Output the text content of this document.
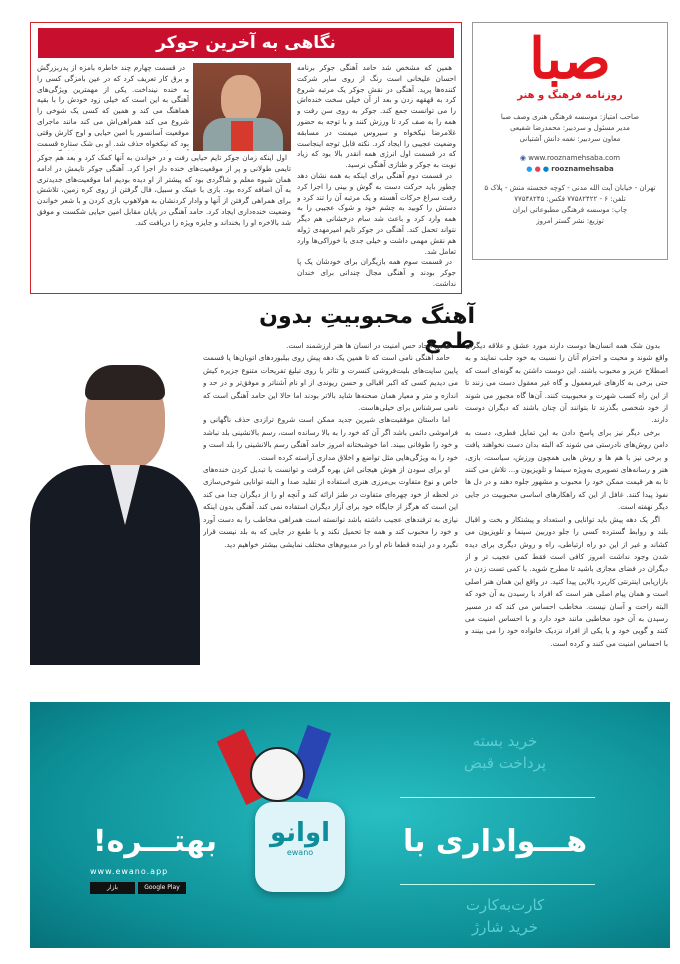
صبا
روزنامه فرهنگ و هنر
صاحب امتیاز: موسسه فرهنگی هنری وصف صبا
مدیر مسئول و سردبیر: محمدرضا شفیعی
معاون سردبیر: نغمه دانش آشتیانی
◉ www.rooznamehsaba.com
● ● ● rooznamehsaba
تهران - خیابان آیت الله مدنی - کوچه خجسته منش - پلاک ۵
تلفن: ۶ - ۷۷۵۸۲۴۲۲ فکس: ۷۷۵۴۸۲۴۵
چاپ: موسسه فرهنگی مطبوعاتی ایران
توزیع: نشر گستر امروز
نگاهی به آخرین جوکر

همین که مشخص شد حامد آهنگی جوکر برنامه احسان علیخانی است رنگ از روی سایر شرکت کننده‌ها پرید. آهنگی در نقش جوکر یک مرتبه شروع کرد به قهقهه زدن و بعد از آن خیلی سخت خنده‌اش را می توانست جمع کند. جوکر به روی سن رفت و همه را به صف کرد تا ورزش کنند و با توجه به حضور غلامرضا نیکخواه و سیروس میمنت در مسابقه وضعیت عجیبی را ایجاد کرد. نکته قابل توجه اینجاست که در قسمت اول انرژی همه انقدر بالا بود که زیاد نوبت به جوکر و طنازی آهنگی نرسید.

در قسمت دوم آهنگی برای اینکه به همه نشان دهد چطور باید حرکت دست به گوش و بینی را اجرا کرد رفت سراغ حرکات آهسته و یک مرتبه آن را تند کرد و دستش را کوبید به چشم خود و شوک عجیبی را به همه وارد کرد و باعث شد سام درخشانی هم دیگر نتواند تحمل کند. آهنگی در جوکر تایم امیرمهدی ژوله هم نقش مهمی داشت و خیلی جدی با خوراکی‌ها وارد تعامل شد.

در قسمت سوم همه بازیگران برای خودشان یک پا جوکر بودند و آهنگی مجال چندانی برای خندان نداشت.

در قسمت چهارم چند خاطره بامزه از پدربزرگش و برق کار تعریف کرد که در عین بامزگی کسی را به خنده نینداخت. یکی از مهمترین ویژگی‌های آهنگی به این است که خیلی زود خودش را با بقیه هماهنگ می کند و همین که کسی یک شوخی را شروع می کند همراهی‌اش می کند مانند ماجرای موقعیت آسانسور با امین حیایی و اوج کارش وقتی بود که نیکخواه حذف شد. او بی شک ستاره قسمت

اول اینکه زمان جوکر تایم حیایی رفت و در خواندن به آنها کمک کرد و بعد هم جوکر تایمی طولانی و پر از موقعیت‌های خنده دار اجرا کرد. آهنگی جوکر تایمش در ادامه همان شیوه معلم و شاگردی بود که پیشتر از او دیده بودیم اما موقعیت‌های جدیدتری به آن اضافه کرده بود. بازی با عینک و سبیل، فال گرفتن از روی کره زمین، تلاشش برای همراهی گرفتن از آنها و وادار کردنشان به هولاهوپ بازی کردن و با شعر خواندن وضعیت خنده‌داری ایجاد کرد. حامد آهنگی در پایان مقابل امین حیایی شکست و موفق شد بالاخره او را بخنداند و جایزه ویژه را دریافت کند.

آهنگ محبوبیتِ بدون طمع

بدون شک همه انسان‌ها دوست دارند مورد عشق و علاقه دیگران واقع شوند و محبت و احترام آنان را نسبت به خود جلب نمایند و به اصطلاح عزیز و محبوب باشند. این دوست داشتن به گونه‌ای است که حتی برخی به کارهای غیرمعمول و گاه غیر معقول دست می زنند تا از این راه کسب شهرت و محبوبیت کنند. آن‌ها گاه مجبور می شوند از خود شخصی بگذرند تا بتوانند آن چنان باشند که دیگران دوست دارند.

برخی دیگر نیز برای پاسخ دادن به این تمایل فطری، دست به دامن روش‌های نادرستی می شوند که البته بدان دست نخواهند یافت و برخی نیز با هم ها و روش هایی همچون ورزش، سیاست، بازی، هنر و رسانه‌های تصویری به‌ویژه سینما و تلویزیون و... تلاش می کنند تا به هر قیمت ممکن خود را محبوب و مشهور جلوه دهند و در دل ها نفوذ پیدا کنند. غافل از این که راهکارهای اساسی محبوبیت در جایی دیگر نهفته است.

اگر یک دهه پیش باید توانایی و استعداد و پیشتکار و بخت و اقبال بلند و روابط گسترده کسی را جلو دوربین سینما و تلویزیون می کشاند و غیر از این دو راه ارتباطی، راه و روش دیگری برای دیده شدن وجود نداشت امروز کافی است فقط کمی عجیب تر و از دیگران در فضای مجازی باشید تا مطرح شوید. با کمی تست زدن در بازاریابی اینترنتی کاربرد بالایی پیدا کنید. در واقع این همان هنر اصلی است و همان پیام اصلی هنر است که افراد با رسیدن به آن خود که البته راحت و آسان نیست. مخاطب احساس می کند که در مسیر رسیدن به آن خود مخاطبی مانند خود دارد و با احساس امنیت می کنند و گویی خود و یا یکی از افراد نزدیک خانواده خود را می بینند و با احساس امنیت می کنند و کرده است.

همین ایجاد حس امنیت در انسان ها هنر ارزشمند است.

حامد آهنگی نامی است که تا همین یک دهه پیش روی بیلبوردهای اتوبان‌ها یا قسمت پایین سایت‌های بلیت‌فروشی کنسرت و تئاتر یا روی تبلیغ تفریحات متنوع جزیره کیش می دیدیم کسی که اکبر اقبالی و حسن ریوندی از او نام آشناتر و موفق‌تر و در حد و اندازه و متر و معیار همان صحنه‌ها شاید بالاتر بودند اما حالا این حامد آهنگی است که نامی سرشناس برای خیلی‌هاست.

اما داستان موفقیت‌های شیرین جدید ممکن است شروع ترازدی حذف ناگهانی و فراموشی دائمی باشد اگر آن که خود را به بالا رسانده است، رسم بالانشینی بلد نباشد و خود را طوفانی ببیند. اما خوشبختانه امروز حامد آهنگی رسم بالانشینی را بلد است و خود را به ویژگی‌هایی مثل تواضع و اخلاق مداری آراسته کرده است.

او برای سودن از هوش هیجانی اش بهره گرفت و توانست با تبدیل کردن خنده‌های خاص و نوع متفاوت بی‌مرزی هنری استفاده از تقلید صدا و البته توانایی شوخی‌سازی در لحظه از خود چهره‌ای متفاوت در طنز ارائه کند و آنچه او را از دیگران جدا می کند این است که هرگز از جایگاه خود برای آزار دیگران استفاده نمی کند. آهنگی بدون اینکه نیازی به ترفندهای عجیب داشته باشد توانسته است همراهی مخاطب را به دست آورد و خود را محبوب کند و همه جا تحمیل نکند و با طمع در جایی که به بلد نیست قرار نگیرد و در اینده قطعا نام او را در مدیوم‌های مختلف نمایشی بیشتر خواهیم دید.

اوانو
ewano	هـــواداری با
بهتـــره!
خرید بسته
پرداخت قبض
کارت‌به‌کارت
خرید شارژ
www.ewano.app
بازار	Google Play
